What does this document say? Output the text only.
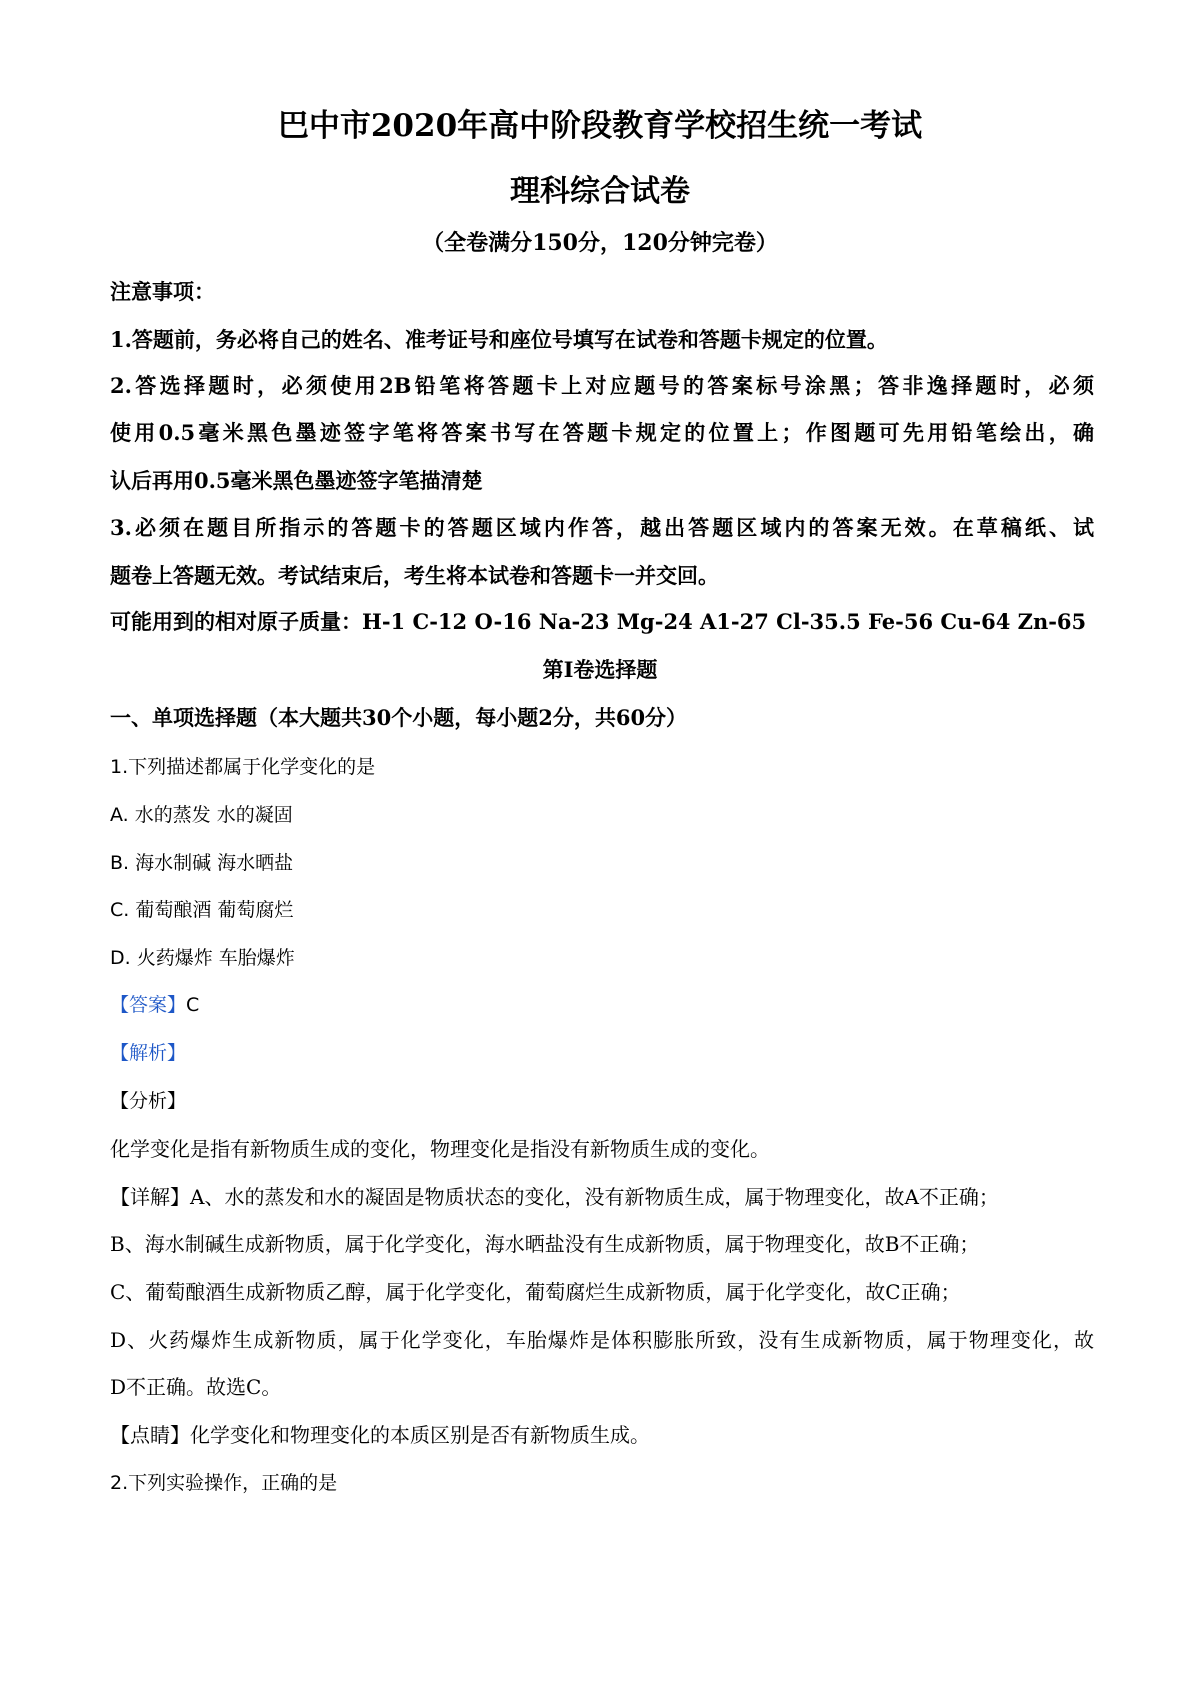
巴中市2020年高中阶段教育学校招生统一考试
理科综合试卷
（全卷满分150分，120分钟完卷）
注意事项：
1.答题前，务必将自己的姓名、准考证号和座位号填写在试卷和答题卡规定的位置。
2.答选择题时，必须使用2B铅笔将答题卡上对应题号的答案标号涂黑；答非逸择题时，必须
使用0.5毫米黑色墨迹签字笔将答案书写在答题卡规定的位置上；作图题可先用铅笔绘出，确
认后再用0.5毫米黑色墨迹签字笔描清楚
3.必须在题目所指示的答题卡的答题区域内作答，越出答题区域内的答案无效。在草稿纸、试
题卷上答题无效。考试结束后，考生将本试卷和答题卡一并交回。
可能用到的相对原子质量：H-1 C-12 O-16 Na-23 Mg-24 A1-27 Cl-35.5 Fe-56 Cu-64 Zn-65
第Ⅰ卷选择题
一、单项选择题（本大题共30个小题，每小题2分，共60分）
1.下列描述都属于化学变化的是
A. 水的蒸发 水的凝固
B. 海水制碱 海水晒盐
C. 葡萄酿酒 葡萄腐烂
D. 火药爆炸 车胎爆炸
【答案】C
【解析】
【分析】
化学变化是指有新物质生成的变化，物理变化是指没有新物质生成的变化。
【详解】A、水的蒸发和水的凝固是物质状态的变化，没有新物质生成，属于物理变化，故A不正确；
B、海水制碱生成新物质，属于化学变化，海水晒盐没有生成新物质，属于物理变化，故B不正确；
C、葡萄酿酒生成新物质乙醇，属于化学变化，葡萄腐烂生成新物质，属于化学变化，故C正确；
D、火药爆炸生成新物质，属于化学变化，车胎爆炸是体积膨胀所致，没有生成新物质，属于物理变化，故
D不正确。故选C。
【点睛】化学变化和物理变化的本质区别是否有新物质生成。
2.下列实验操作，正确的是
